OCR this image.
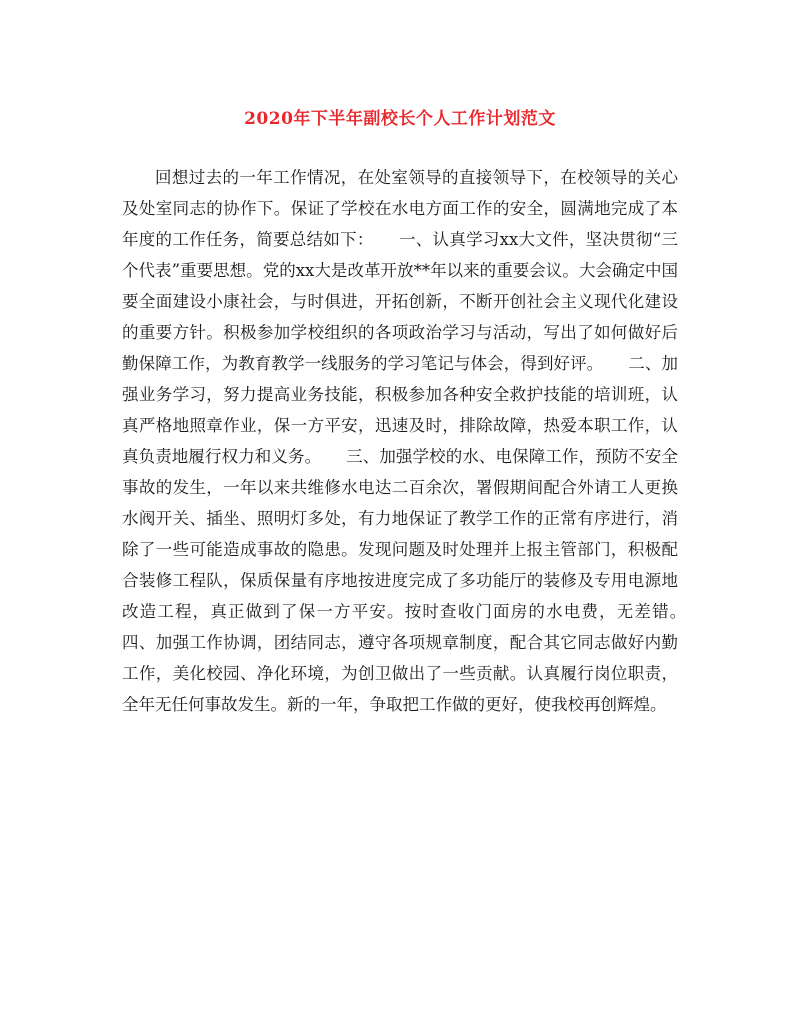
2020年下半年副校长个人工作计划范文

回想过去的一年工作情况，在处室领导的直接领导下，在校领导的关心及处室同志的协作下。保证了学校在水电方面工作的安全，圆满地完成了本年度的工作任务，简要总结如下：　　一、认真学习xx大文件，坚决贯彻“三个代表”重要思想。党的xx大是改革开放**年以来的重要会议。大会确定中国要全面建设小康社会，与时俱进，开拓创新，不断开创社会主义现代化建设的重要方针。积极参加学校组织的各项政治学习与活动，写出了如何做好后勤保障工作，为教育教学一线服务的学习笔记与体会，得到好评。　　二、加强业务学习，努力提高业务技能，积极参加各种安全救护技能的培训班，认真严格地照章作业，保一方平安，迅速及时，排除故障，热爱本职工作，认真负责地履行权力和义务。　　三、加强学校的水、电保障工作，预防不安全事故的发生，一年以来共维修水电达二百余次，署假期间配合外请工人更换水阀开关、插坐、照明灯多处，有力地保证了教学工作的正常有序进行，消除了一些可能造成事故的隐患。发现问题及时处理并上报主管部门，积极配合装修工程队，保质保量有序地按进度完成了多功能厅的装修及专用电源地改造工程，真正做到了保一方平安。按时查收门面房的水电费，无差错。　　四、加强工作协调，团结同志，遵守各项规章制度，配合其它同志做好内勤工作，美化校园、净化环境，为创卫做出了一些贡献。认真履行岗位职责，全年无任何事故发生。新的一年，争取把工作做的更好，使我校再创辉煌。
